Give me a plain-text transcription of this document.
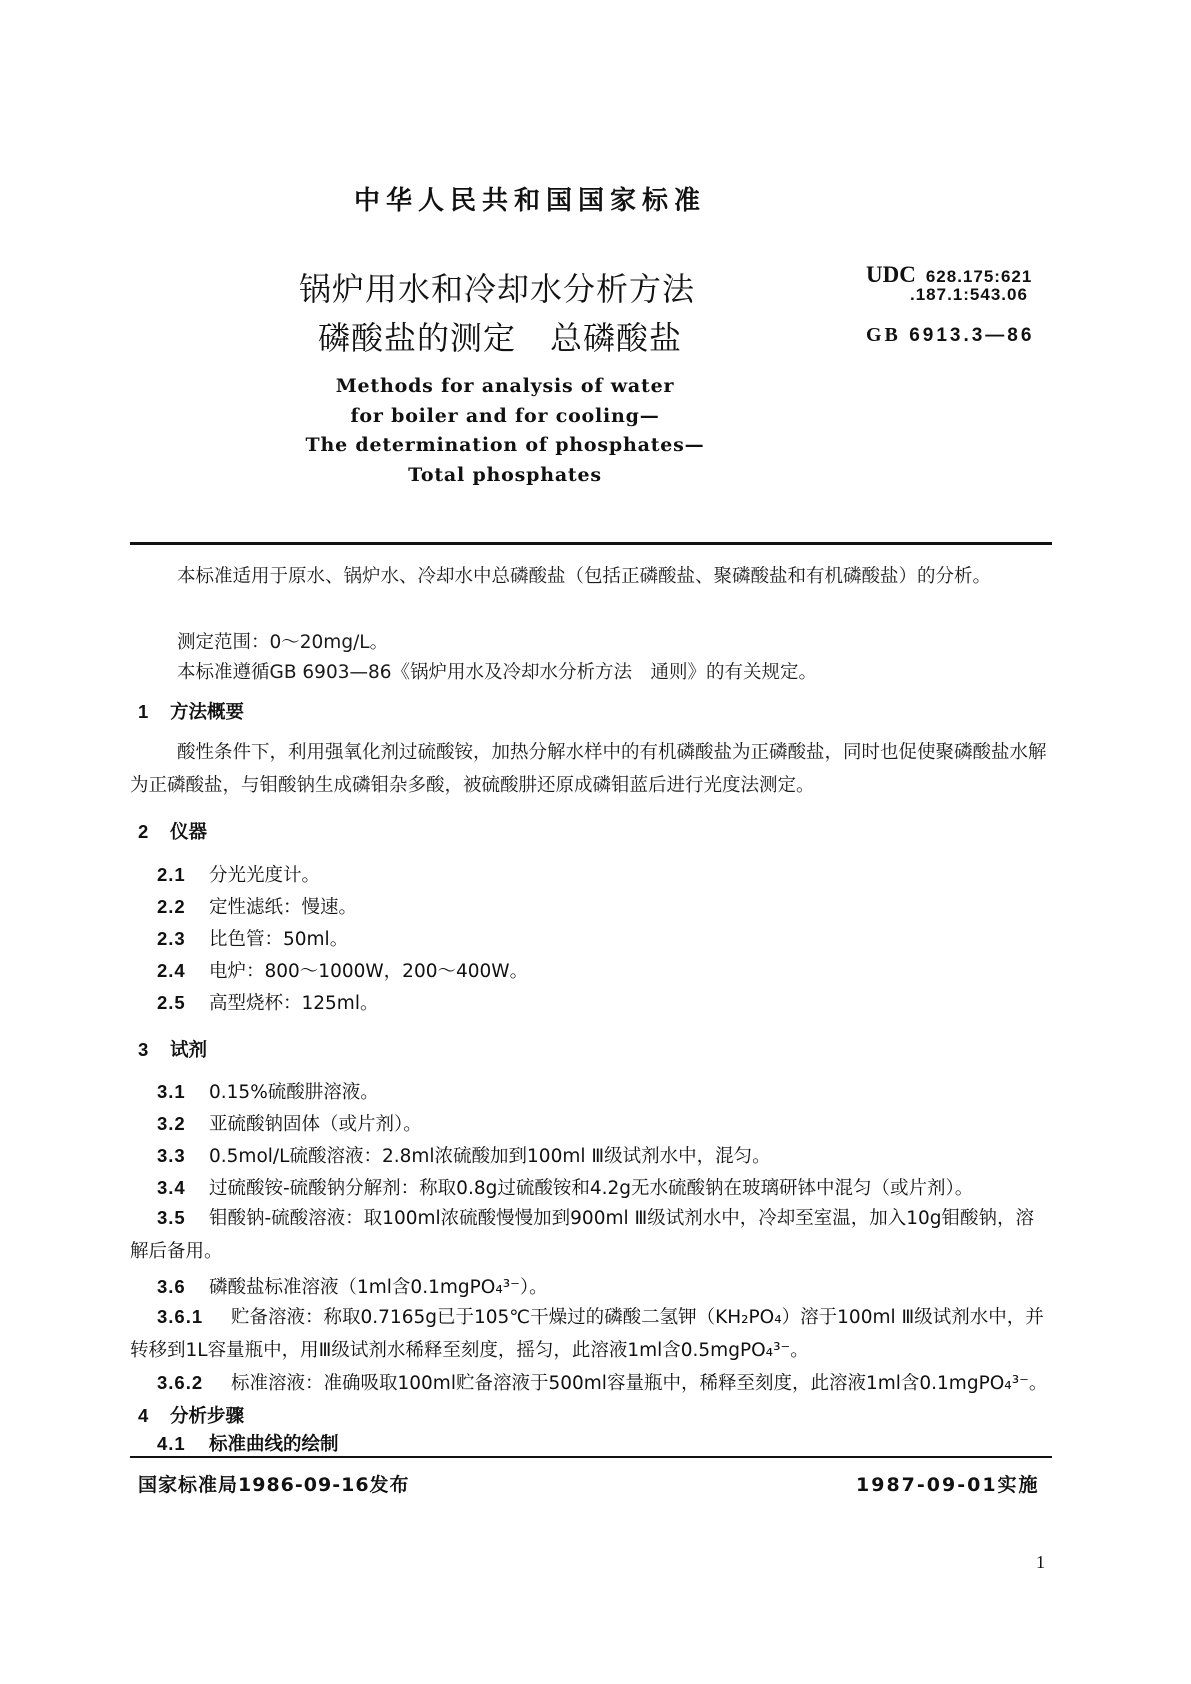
中华人民共和国国家标准
锅炉用水和冷却水分析方法
磷酸盐的测定 总磷酸盐
UDC 628.175:621
.187.1:543.06
GB 6913.3—86
Methods for analysis of water
for boiler and for cooling—
The determination of phosphates—
Total phosphates
本标准适用于原水、锅炉水、冷却水中总磷酸盐（包括正磷酸盐、聚磷酸盐和有机磷酸盐）的分析。
测定范围：0～20mg/L。
本标准遵循GB 6903—86《锅炉用水及冷却水分析方法　通则》的有关规定。
1 方法概要
酸性条件下，利用强氧化剂过硫酸铵，加热分解水样中的有机磷酸盐为正磷酸盐，同时也促使聚磷酸盐水解为正磷酸盐，与钼酸钠生成磷钼杂多酸，被硫酸肼还原成磷钼蓝后进行光度法测定。
2 仪器
2.1 分光光度计。
2.2 定性滤纸：慢速。
2.3 比色管：50ml。
2.4 电炉：800～1000W，200～400W。
2.5 高型烧杯：125ml。
3 试剂
3.1 0.15%硫酸肼溶液。
3.2 亚硫酸钠固体（或片剂）。
3.3 0.5mol/L硫酸溶液：2.8ml浓硫酸加到100ml Ⅲ级试剂水中，混匀。
3.4 过硫酸铵-硫酸钠分解剂：称取0.8g过硫酸铵和4.2g无水硫酸钠在玻璃研钵中混匀（或片剂）。
3.5 钼酸钠-硫酸溶液：取100ml浓硫酸慢慢加到900ml Ⅲ级试剂水中，冷却至室温，加入10g钼酸钠，溶解后备用。
3.6 磷酸盐标准溶液（1ml含0.1mgPO₄³⁻）。
3.6.1 贮备溶液：称取0.7165g已于105℃干燥过的磷酸二氢钾（KH₂PO₄）溶于100ml Ⅲ级试剂水中，并转移到1L容量瓶中，用Ⅲ级试剂水稀释至刻度，摇匀，此溶液1ml含0.5mgPO₄³⁻。
3.6.2 标准溶液：准确吸取100ml贮备溶液于500ml容量瓶中，稀释至刻度，此溶液1ml含0.1mgPO₄³⁻。
4 分析步骤
4.1 标准曲线的绘制
国家标准局1986-09-16发布	1987-09-01实施
1
